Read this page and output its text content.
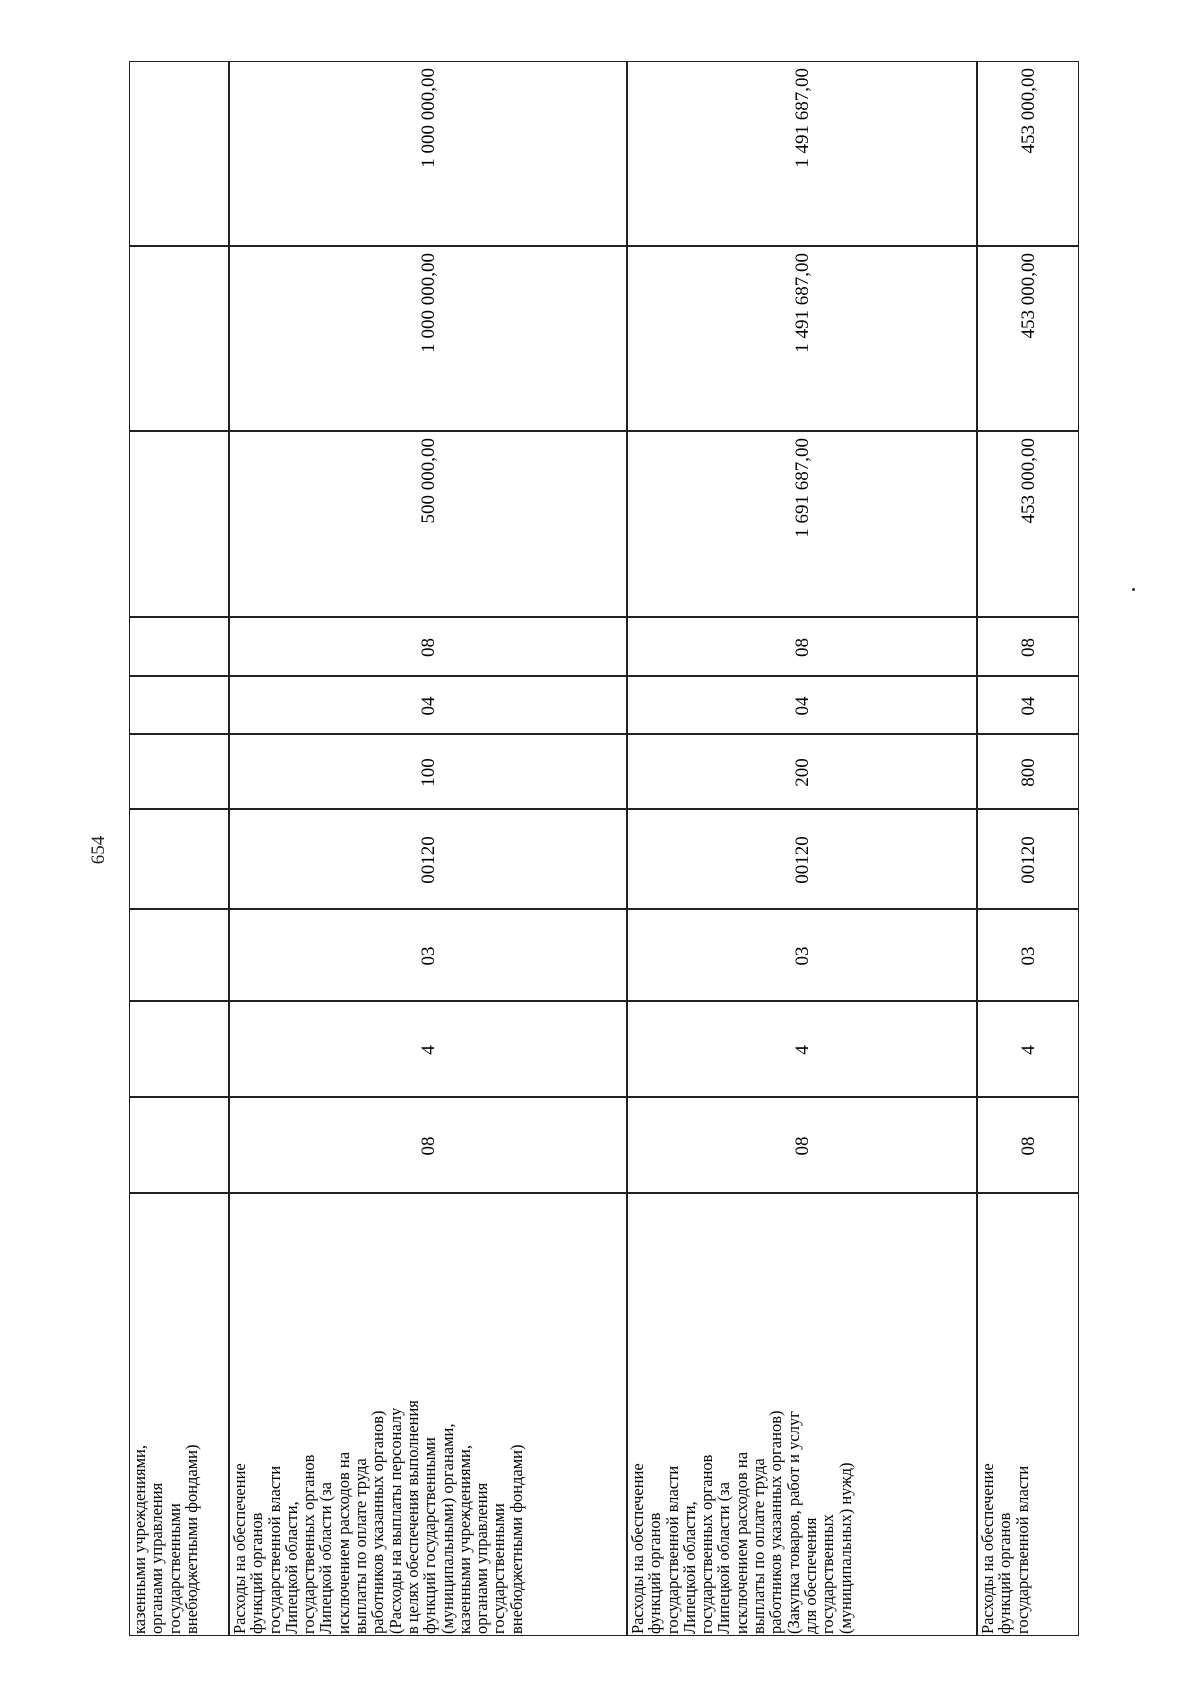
654
казенными учреждениями,
органами управления
государственными
внебюджетными фондами)
1 000 000,00
1 000 000,00
500 000,00
08
04
100
00120
03
4
08
Расходы на обеспечение
функций органов
государственной власти
Липецкой области,
государственных органов
Липецкой области (за
исключением расходов на
выплаты по оплате труда
работников указанных органов)
(Расходы на выплаты персоналу
в целях обеспечения выполнения
функций государственными
(муниципальными) органами,
казенными учреждениями,
органами управления
государственными
внебюджетными фондами)
1 491 687,00
1 491 687,00
1 691 687,00
08
04
200
00120
03
4
08
Расходы на обеспечение
функций органов
государственной власти
Липецкой области,
государственных органов
Липецкой области (за
исключением расходов на
выплаты по оплате труда
работников указанных органов)
(Закупка товаров, работ и услуг
для обеспечения
государственных
(муниципальных) нужд)
453 000,00
453 000,00
453 000,00
08
04
800
00120
03
4
08
Расходы на обеспечение
функций органов
государственной власти
